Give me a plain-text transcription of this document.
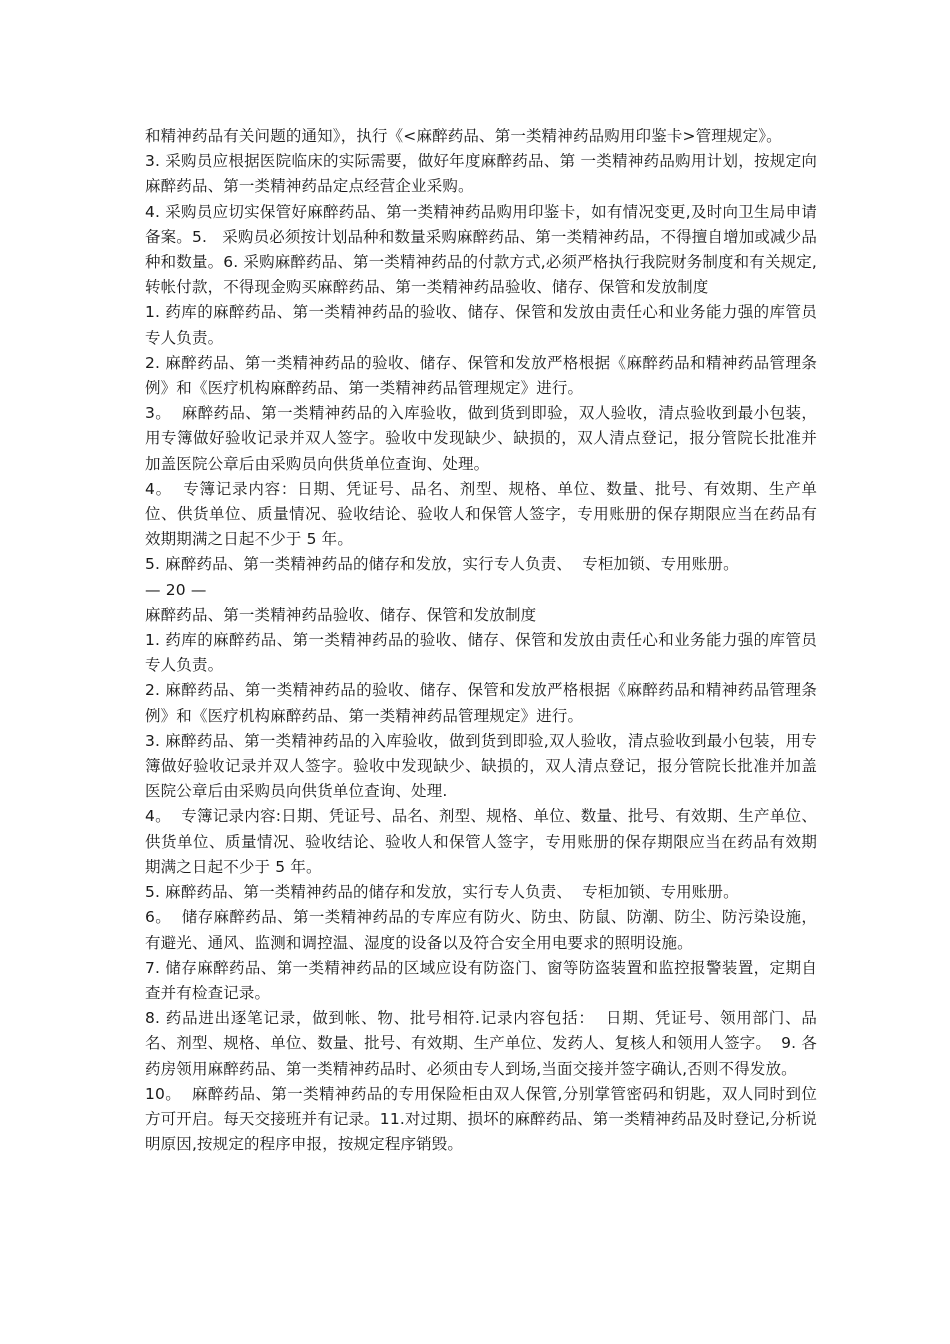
和精神药品有关问题的通知》，执行《<麻醉药品、第一类精神药品购用印鉴卡>管理规定》。

3. 采购员应根据医院临床的实际需要，做好年度麻醉药品、第 一类精神药品购用计划，按规定向麻醉药品、第一类精神药品定点经营企业采购。

4. 采购员应切实保管好麻醉药品、第一类精神药品购用印鉴卡，如有情况变更,及时向卫生局申请备案。5.   采购员必须按计划品种和数量采购麻醉药品、第一类精神药品，不得擅自增加或减少品种和数量。6. 采购麻醉药品、第一类精神药品的付款方式,必须严格执行我院财务制度和有关规定,转帐付款，不得现金购买麻醉药品、第一类精神药品验收、储存、保管和发放制度

1. 药库的麻醉药品、第一类精神药品的验收、储存、保管和发放由责任心和业务能力强的库管员专人负责。

2. 麻醉药品、第一类精神药品的验收、储存、保管和发放严格根据《麻醉药品和精神药品管理条例》和《医疗机构麻醉药品、第一类精神药品管理规定》进行。

3。  麻醉药品、第一类精神药品的入库验收，做到货到即验，双人验收，清点验收到最小包装，用专簿做好验收记录并双人签字。验收中发现缺少、缺损的，双人清点登记，报分管院长批准并加盖医院公章后由采购员向供货单位查询、处理。

4。  专簿记录内容：日期、凭证号、品名、剂型、规格、单位、数量、批号、有效期、生产单位、供货单位、质量情况、验收结论、验收人和保管人签字，专用账册的保存期限应当在药品有效期期满之日起不少于 5 年。

5. 麻醉药品、第一类精神药品的储存和发放，实行专人负责、  专柜加锁、专用账册。

— 20 —

麻醉药品、第一类精神药品验收、储存、保管和发放制度

1. 药库的麻醉药品、第一类精神药品的验收、储存、保管和发放由责任心和业务能力强的库管员专人负责。

2. 麻醉药品、第一类精神药品的验收、储存、保管和发放严格根据《麻醉药品和精神药品管理条例》和《医疗机构麻醉药品、第一类精神药品管理规定》进行。

3. 麻醉药品、第一类精神药品的入库验收，做到货到即验,双人验收，清点验收到最小包装，用专簿做好验收记录并双人签字。验收中发现缺少、缺损的，双人清点登记，报分管院长批准并加盖医院公章后由采购员向供货单位查询、处理.

4。  专簿记录内容:日期、凭证号、品名、剂型、规格、单位、数量、批号、有效期、生产单位、供货单位、质量情况、验收结论、验收人和保管人签字，专用账册的保存期限应当在药品有效期期满之日起不少于 5 年。

5. 麻醉药品、第一类精神药品的储存和发放，实行专人负责、  专柜加锁、专用账册。

6。  储存麻醉药品、第一类精神药品的专库应有防火、防虫、防鼠、防潮、防尘、防污染设施，有避光、通风、监测和调控温、湿度的设备以及符合安全用电要求的照明设施。

7. 储存麻醉药品、第一类精神药品的区域应设有防盗门、窗等防盗装置和监控报警装置，定期自查并有检查记录。

8. 药品进出逐笔记录，做到帐、物、批号相符.记录内容包括：  日期、凭证号、领用部门、品名、剂型、规格、单位、数量、批号、有效期、生产单位、发药人、复核人和领用人签字。  9. 各药房领用麻醉药品、第一类精神药品时、必须由专人到场,当面交接并签字确认,否则不得发放。

10。  麻醉药品、第一类精神药品的专用保险柜由双人保管,分别掌管密码和钥匙，双人同时到位方可开启。每天交接班并有记录。11.对过期、损坏的麻醉药品、第一类精神药品及时登记,分析说明原因,按规定的程序申报，按规定程序销毁。
